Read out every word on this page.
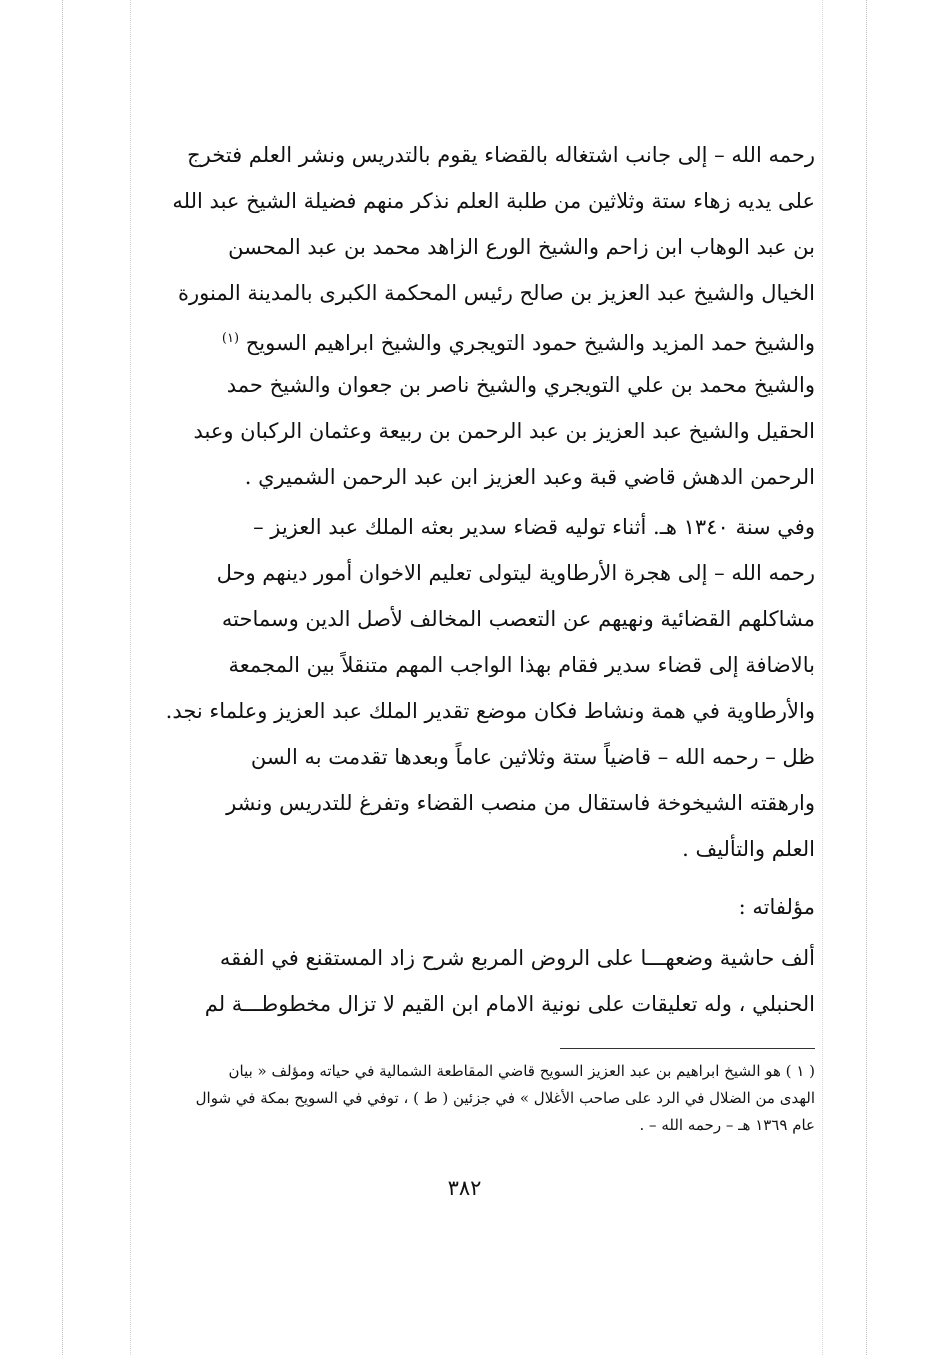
رحمه الله – إلى جانب اشتغاله بالقضاء يقوم بالتدريس ونشر العلم فتخرج
على يديه زهاء ستة وثلاثين من طلبة العلم نذكر منهم فضيلة الشيخ عبد الله
بن عبد الوهاب ابن زاحم والشيخ الورع الزاهد محمد بن عبد المحسن
الخيال والشيخ عبد العزيز بن صالح رئيس المحكمة الكبرى بالمدينة المنورة
والشيخ حمد المزيد والشيخ حمود التويجري والشيخ ابراهيم السويح $^{(١)}$
والشيخ محمد بن علي التويجري والشيخ ناصر بن جعوان والشيخ حمد
الحقيل والشيخ عبد العزيز بن عبد الرحمن بن ربيعة وعثمان الركبان وعبد
الرحمن الدهش قاضي قبة وعبد العزيز ابن عبد الرحمن الشميري .
وفي سنة ١٣٤٠ هـ. أثناء توليه قضاء سدير بعثه الملك عبد العزيز –
رحمه الله – إلى هجرة الأرطاوية ليتولى تعليم الاخوان أمور دينهم وحل
مشاكلهم القضائية ونهيهم عن التعصب المخالف لأصل الدين وسماحته
بالاضافة إلى قضاء سدير فقام بهذا الواجب المهم متنقلاً بين المجمعة
والأرطاوية في همة ونشاط فكان موضع تقدير الملك عبد العزيز وعلماء نجد.
ظل – رحمه الله – قاضياً ستة وثلاثين عاماً وبعدها تقدمت به السن
وارهقته الشيخوخة فاستقال من منصب القضاء وتفرغ للتدريس ونشر
العلم والتأليف .
مؤلفاته :
ألف حاشية وضعهـــا على الروض المربع شرح زاد المستقنع في الفقه
الحنبلي ، وله تعليقات على نونية الامام ابن القيم لا تزال مخطوطـــة لم
( ١ ) هو الشيخ ابراهيم بن عبد العزيز السويح قاضي المقاطعة الشمالية في حياته ومؤلف « بيان
الهدى من الضلال في الرد على صاحب الأغلال » في جزئين ( ط ) ، توفي في السويح بمكة في شوال
عام ١٣٦٩ هـ – رحمه الله – .
٣٨٢
